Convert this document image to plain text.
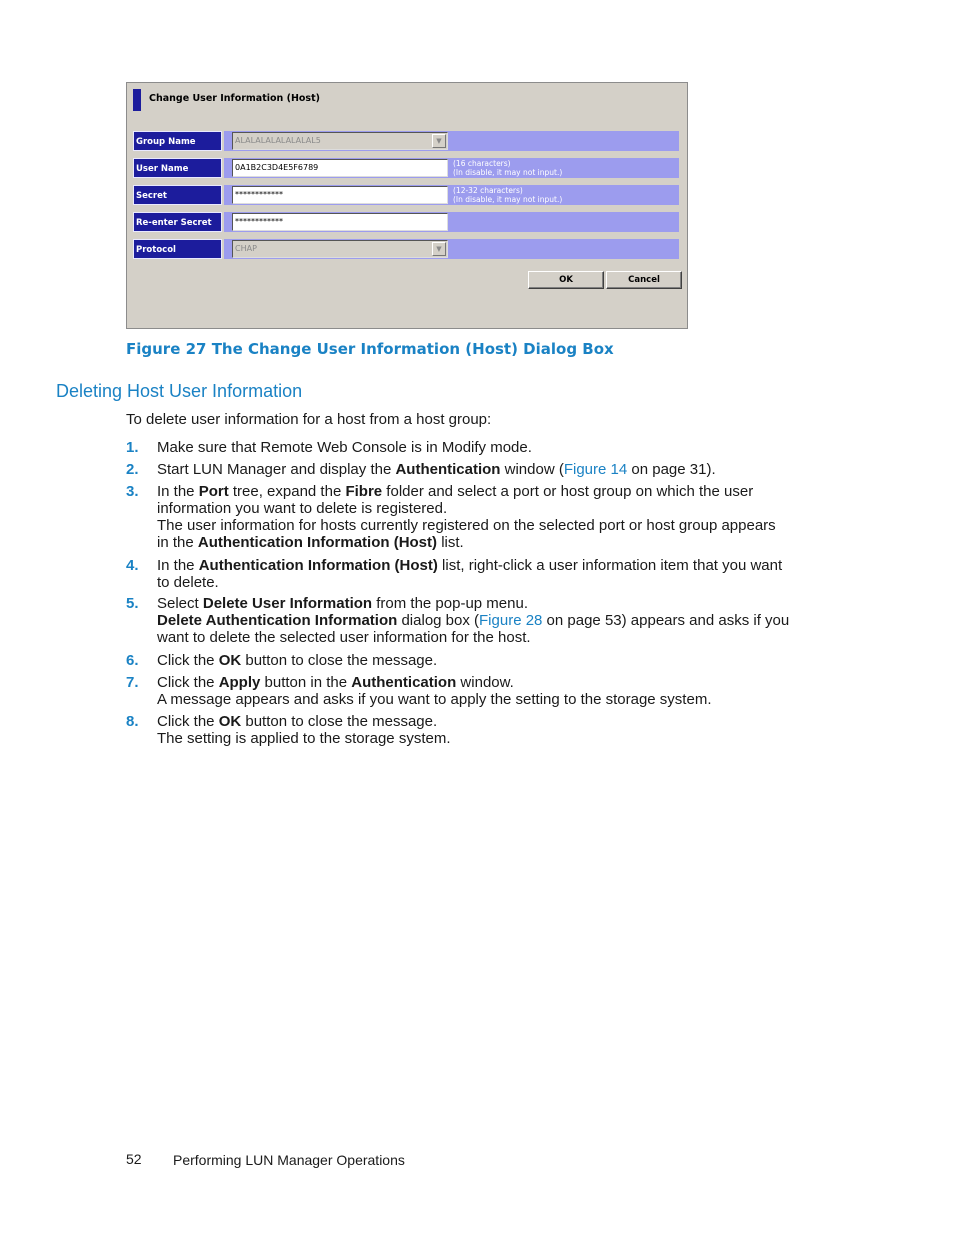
Change User Information (Host)
Group Name	ALALALALALALALAL5	▼
User Name	0A1B2C3D4E5F6789	(16 characters)
(In disable, it may not input.)
Secret	************	(12-32 characters)
(In disable, it may not input.)
Re-enter Secret	************
Protocol	CHAP	▼
OK	Cancel
Figure 27 The Change User Information (Host) Dialog Box
Deleting Host User Information
To delete user information for a host from a host group:
1. Make sure that Remote Web Console is in Modify mode.
2. Start LUN Manager and display the Authentication window (Figure 14 on page 31).
3. In the Port tree, expand the Fibre folder and select a port or host group on which the user
information you want to delete is registered.
The user information for hosts currently registered on the selected port or host group appears
in the Authentication Information (Host) list.
4. In the Authentication Information (Host) list, right-click a user information item that you want
to delete.
5. Select Delete User Information from the pop-up menu.
Delete Authentication Information dialog box (Figure 28 on page 53) appears and asks if you
want to delete the selected user information for the host.
6. Click the OK button to close the message.
7. Click the Apply button in the Authentication window.
A message appears and asks if you want to apply the setting to the storage system.
8. Click the OK button to close the message.
The setting is applied to the storage system.
52 Performing LUN Manager Operations
